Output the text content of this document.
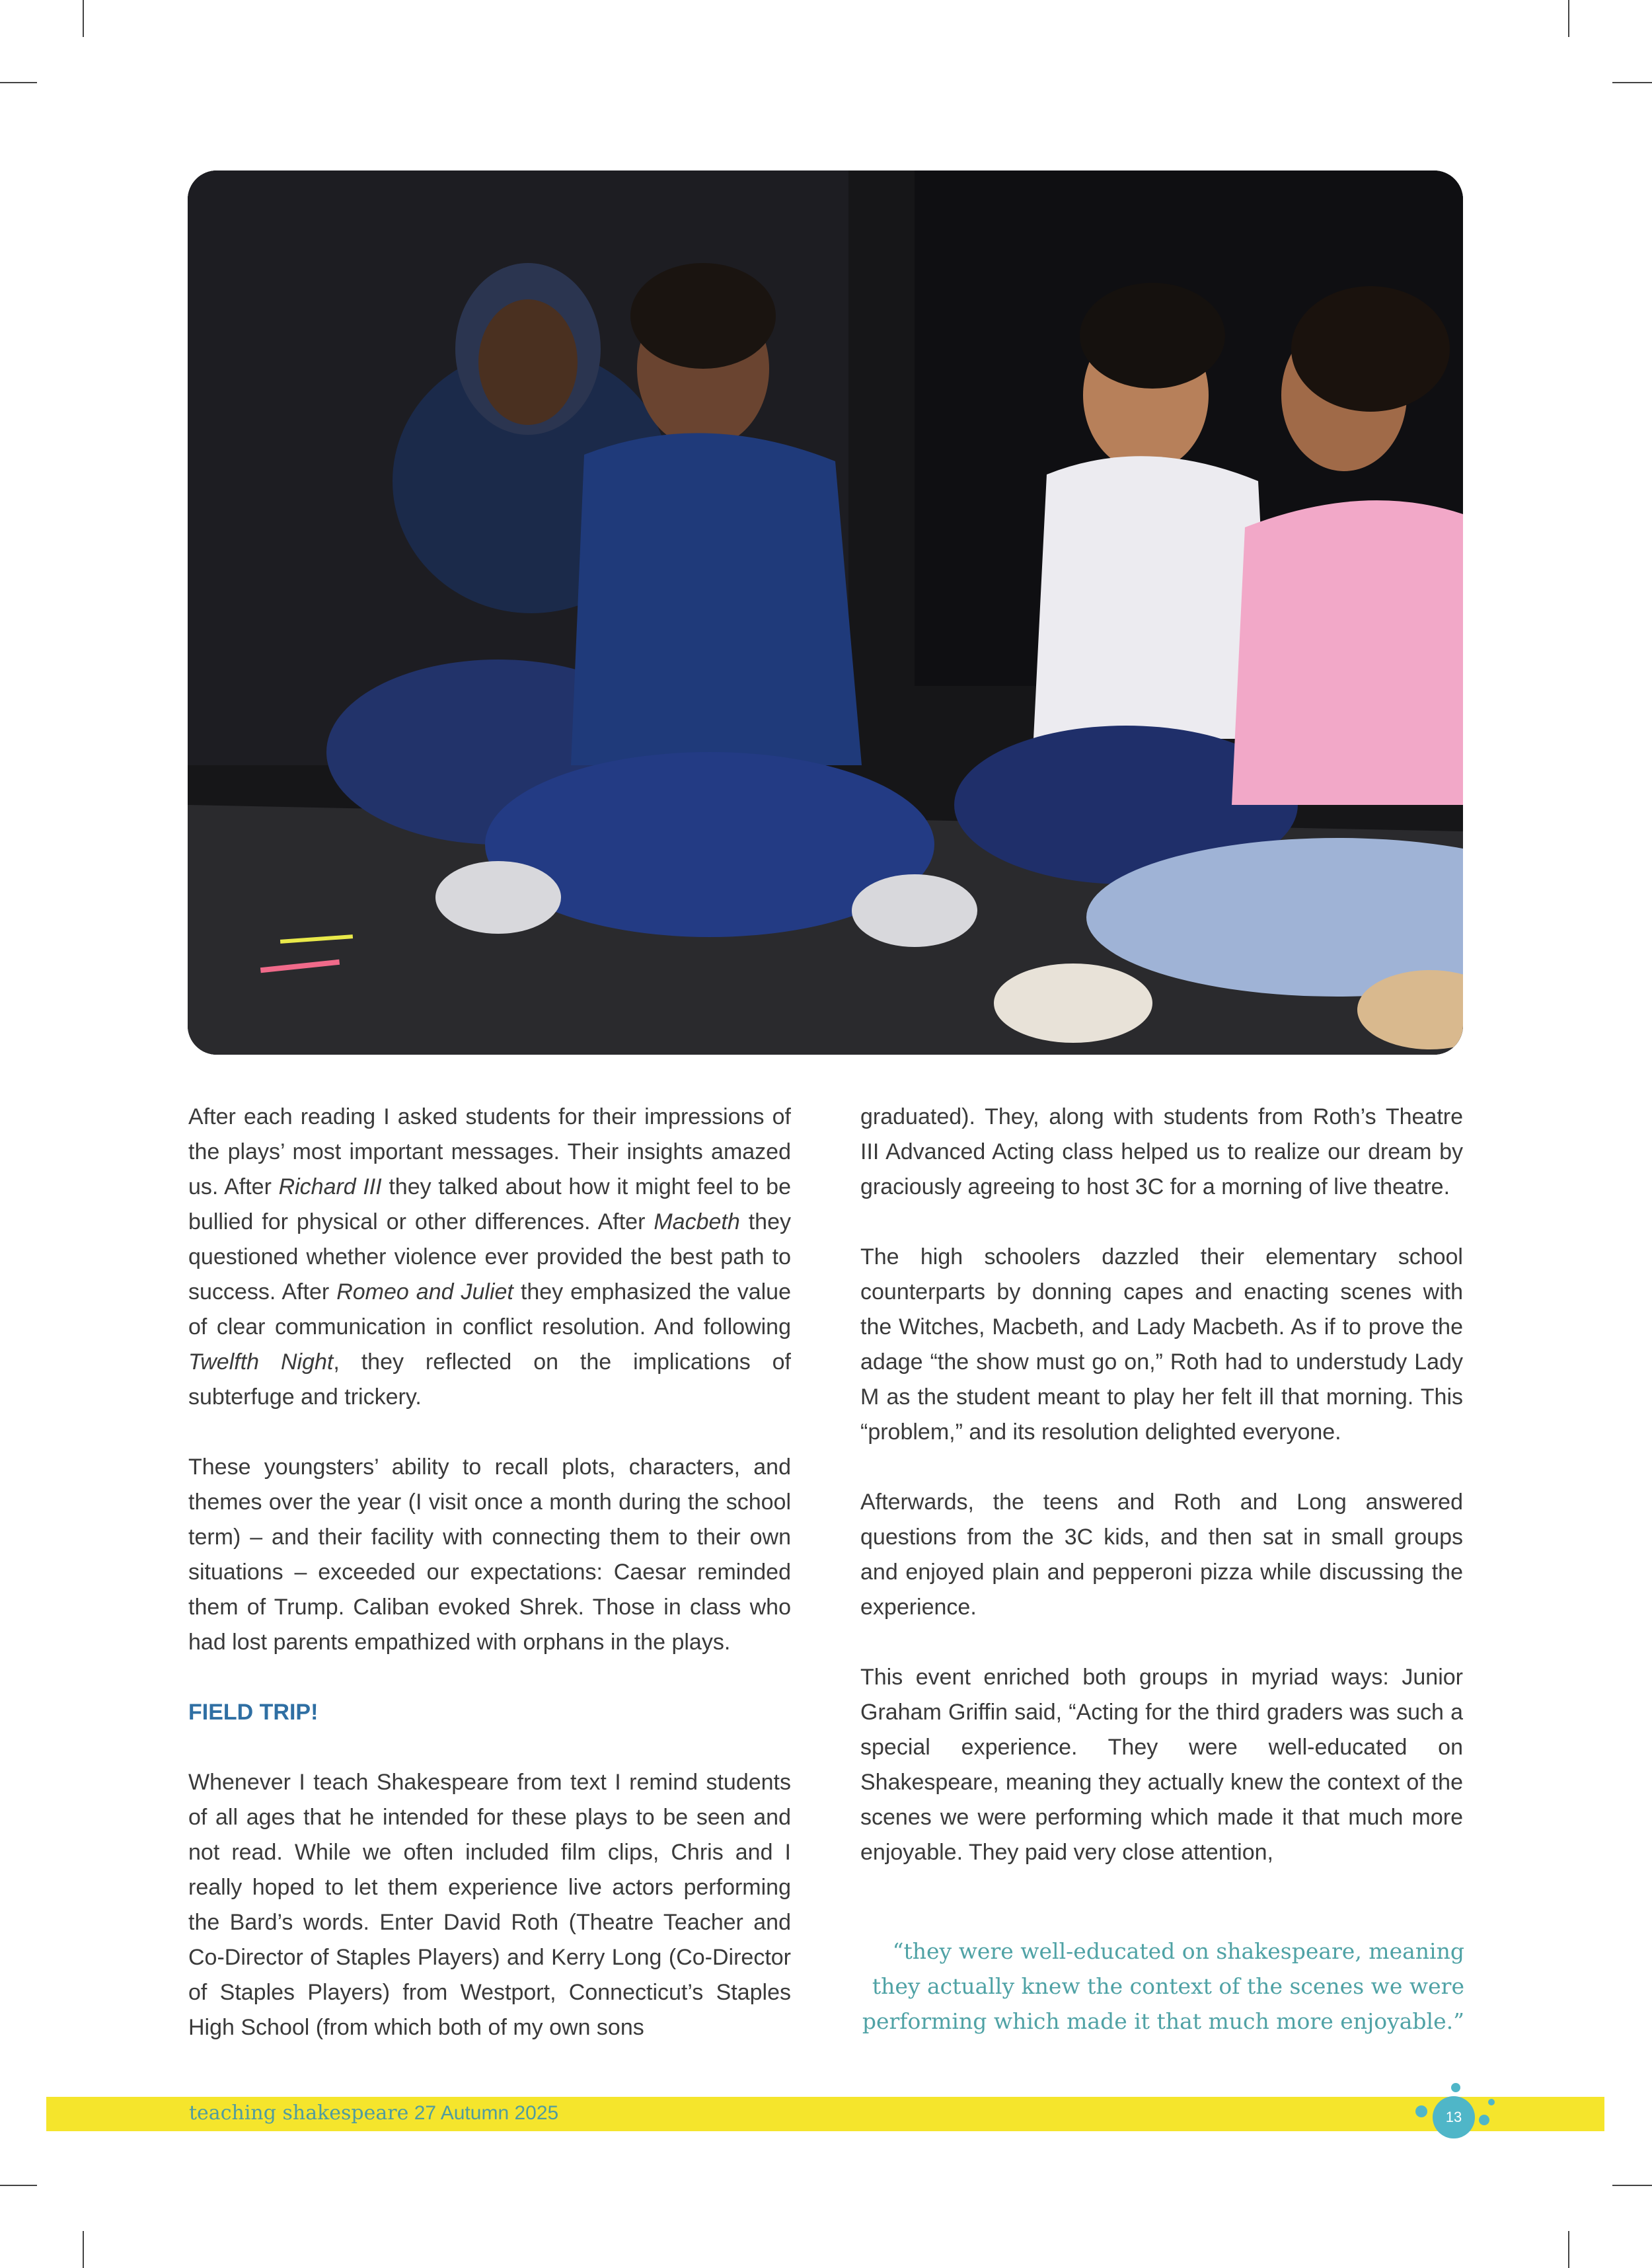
After each reading I asked students for their impressions of the plays’ most important messages. Their insights amazed us. After Richard III they talked about how it might feel to be bullied for physical or other differences. After Macbeth they questioned whether violence ever provided the best path to success. After Romeo and Juliet they emphasized the value of clear communication in conflict resolution. And following Twelfth Night, they reflected on the implications of subterfuge and trickery.

These youngsters’ ability to recall plots, characters, and themes over the year (I visit once a month during the school term) – and their facility with connecting them to their own situations – exceeded our expectations: Caesar reminded them of Trump. Caliban evoked Shrek. Those in class who had lost parents empathized with orphans in the plays.

FIELD TRIP!

Whenever I teach Shakespeare from text I remind students of all ages that he intended for these plays to be seen and not read. While we often included film clips, Chris and I really hoped to let them experience live actors performing the Bard’s words. Enter David Roth (Theatre Teacher and Co-Director of Staples Players) and Kerry Long (Co-Director of Staples Players) from Westport, Connecticut’s Staples High School (from which both of my own sons

graduated). They, along with students from Roth’s Theatre III Advanced Acting class helped us to realize our dream by graciously agreeing to host 3C for a morning of live theatre.

The high schoolers dazzled their elementary school counterparts by donning capes and enacting scenes with the Witches, Macbeth, and Lady Macbeth. As if to prove the adage “the show must go on,” Roth had to understudy Lady M as the student meant to play her felt ill that morning. This “problem,” and its resolution delighted everyone.

Afterwards, the teens and Roth and Long answered questions from the 3C kids, and then sat in small groups and enjoyed plain and pepperoni pizza while discussing the experience.

This event enriched both groups in myriad ways: Junior Graham Griffin said, “Acting for the third graders was such a special experience. They were well-educated on Shakespeare, meaning they actually knew the context of the scenes we were performing which made it that much more enjoyable. They paid very close attention,

“they were well-educated on shakespeare, meaning
they actually knew the context of the scenes we were
performing which made it that much more enjoyable.”
teaching shakespeare 27 Autumn 2025	13
